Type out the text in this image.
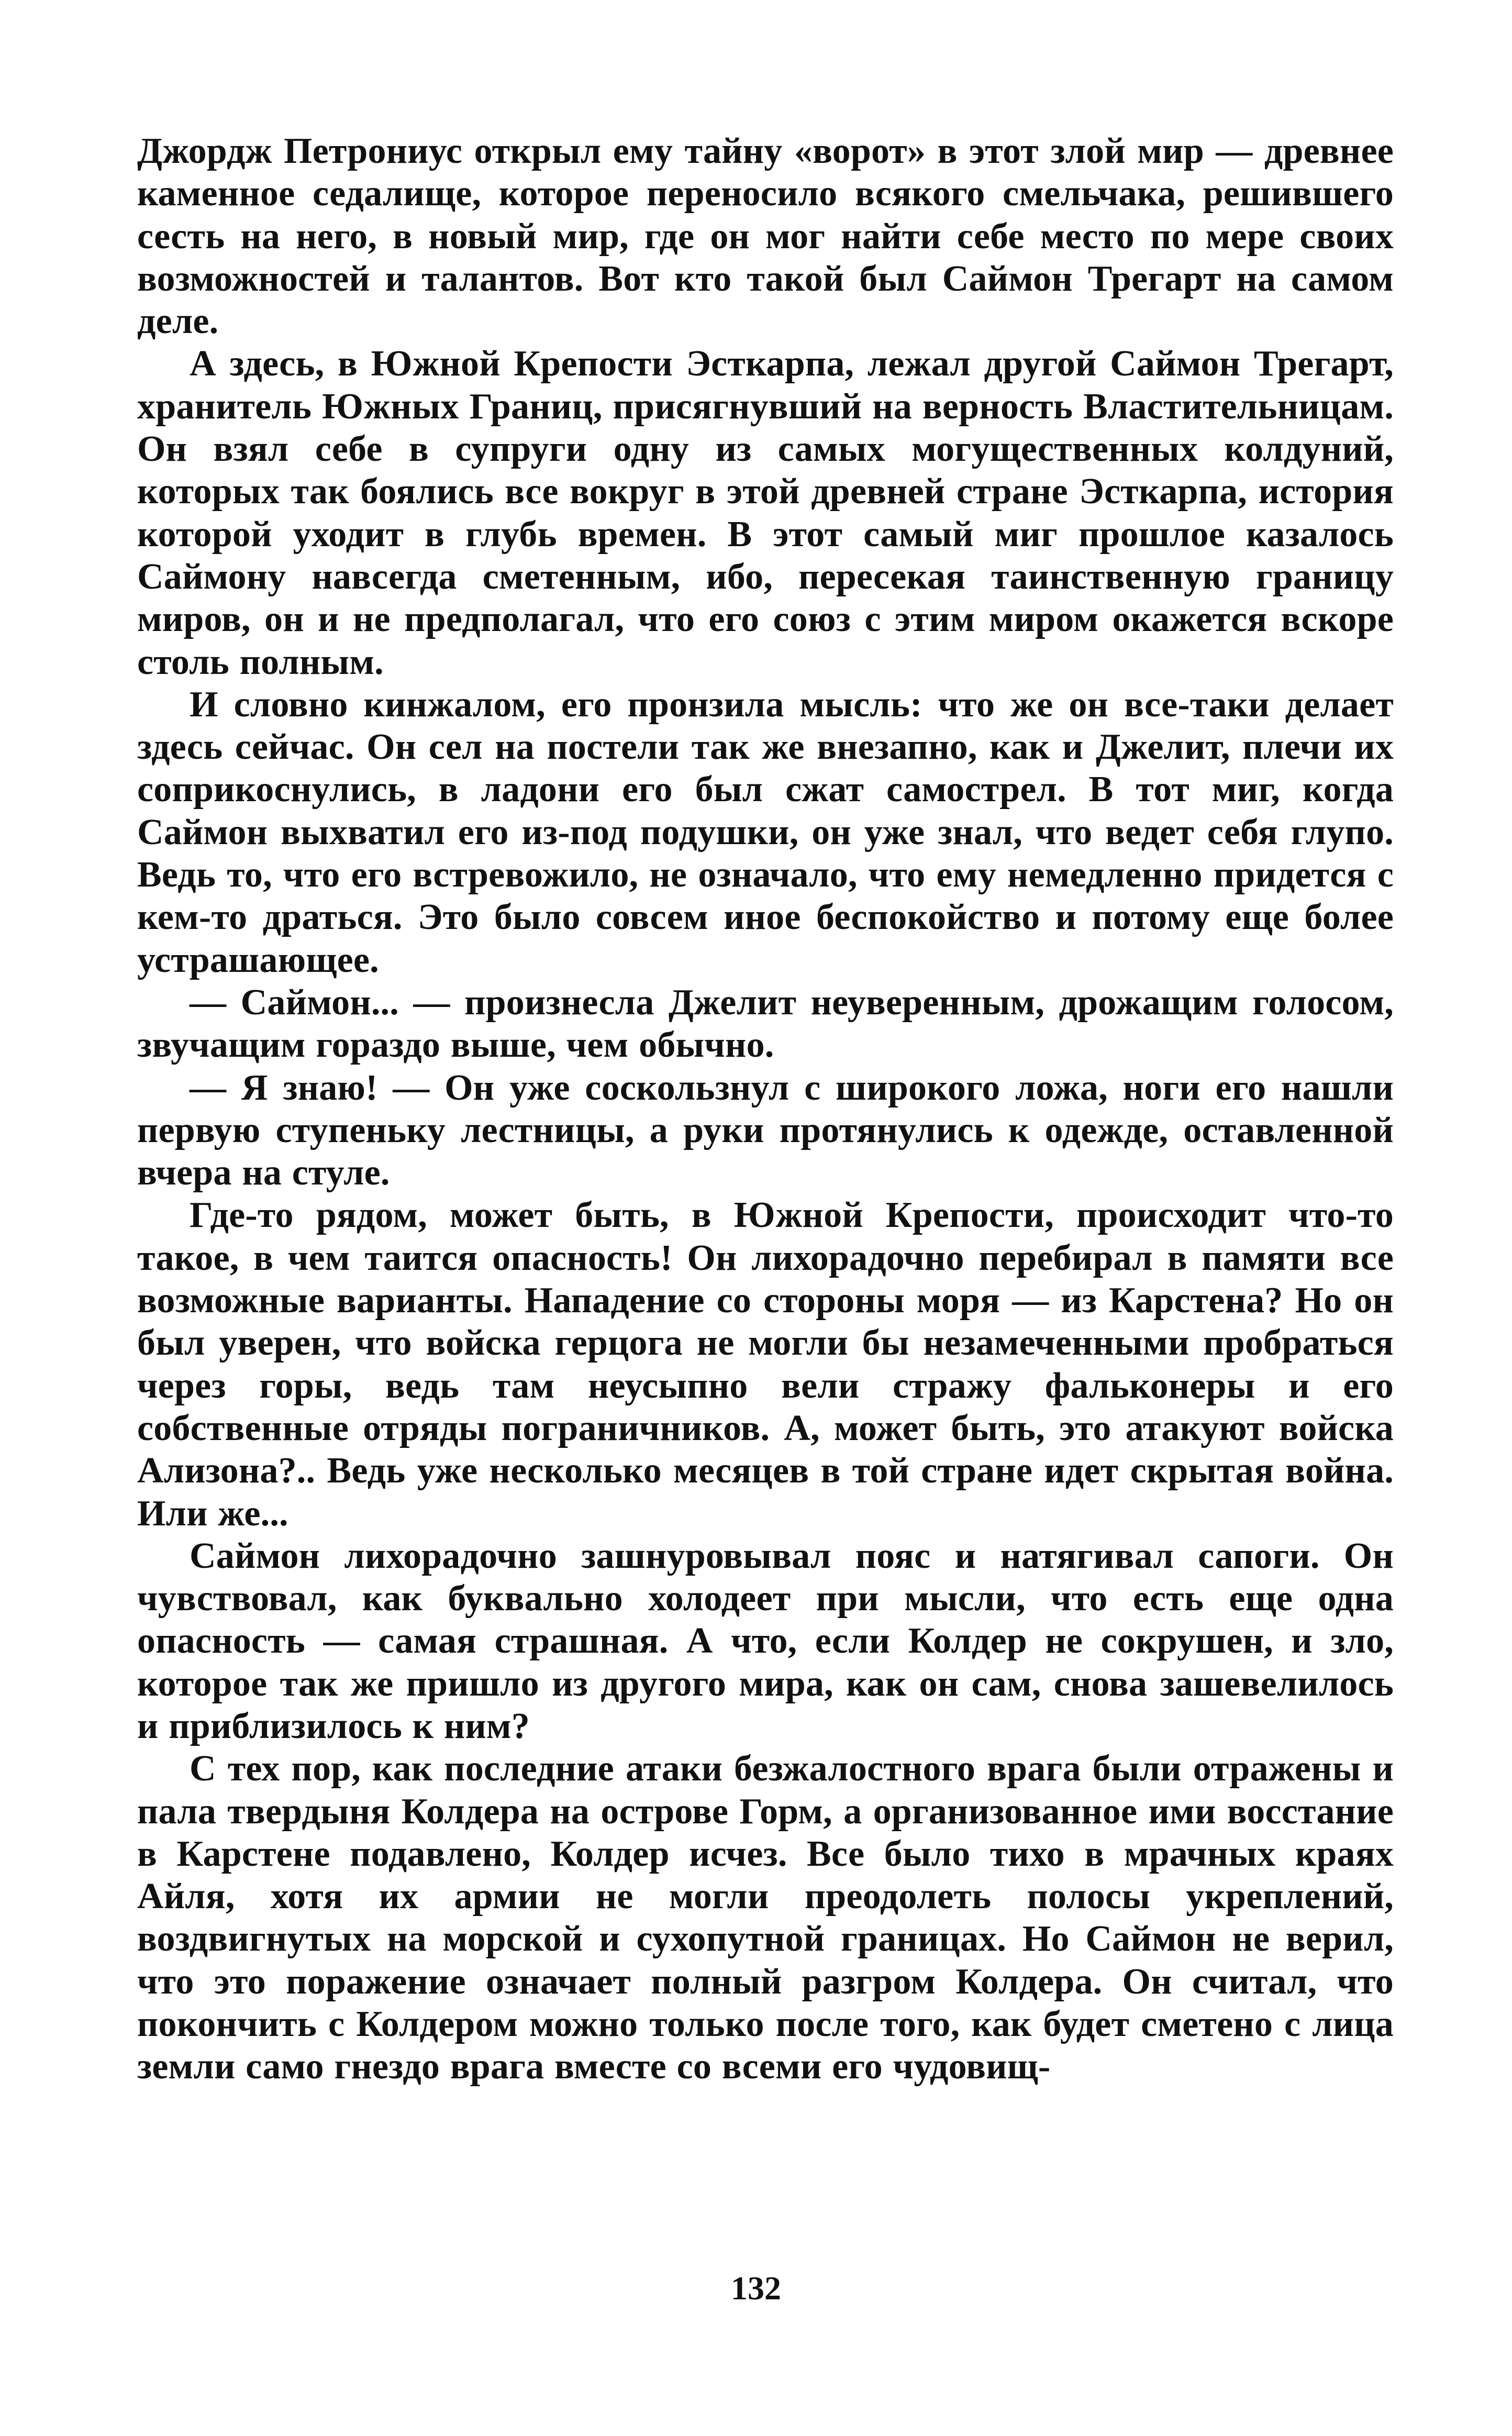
Джордж Петрониус открыл ему тайну «ворот» в этот злой мир — древнее каменное седалище, которое переносило всякого смельчака, решившего сесть на него, в новый мир, где он мог найти себе место по мере своих возможностей и талантов. Вот кто такой был Саймон Трегарт на самом деле.

А здесь, в Южной Крепости Эсткарпа, лежал другой Саймон Трегарт, хранитель Южных Границ, присягнувший на верность Властительницам. Он взял себе в супруги одну из самых могущественных колдуний, которых так боялись все вокруг в этой древней стране Эсткарпа, история которой уходит в глубь времен. В этот самый миг прошлое казалось Саймону навсегда сметенным, ибо, пересекая таинственную границу миров, он и не предполагал, что его союз с этим миром окажется вскоре столь полным.

И словно кинжалом, его пронзила мысль: что же он все-таки делает здесь сейчас. Он сел на постели так же внезапно, как и Джелит, плечи их соприкоснулись, в ладони его был сжат самострел. В тот миг, когда Саймон выхватил его из-под подушки, он уже знал, что ведет себя глупо. Ведь то, что его встревожило, не означало, что ему немедленно придется с кем-то драться. Это было совсем иное беспокойство и потому еще более устрашающее.

— Саймон... — произнесла Джелит неуверенным, дрожащим голосом, звучащим гораздо выше, чем обычно.

— Я знаю! — Он уже соскользнул с широкого ложа, ноги его нашли первую ступеньку лестницы, а руки протянулись к одежде, оставленной вчера на стуле.

Где-то рядом, может быть, в Южной Крепости, происходит что-то такое, в чем таится опасность! Он лихорадочно перебирал в памяти все возможные варианты. Нападение со стороны моря — из Карстена? Но он был уверен, что войска герцога не могли бы незамеченными пробраться через горы, ведь там неусыпно вели стражу фальконеры и его собственные отряды пограничников. А, может быть, это атакуют войска Ализона?.. Ведь уже несколько месяцев в той стране идет скрытая война. Или же...

Саймон лихорадочно зашнуровывал пояс и натягивал сапоги. Он чувствовал, как буквально холодеет при мысли, что есть еще одна опасность — самая страшная. А что, если Колдер не сокрушен, и зло, которое так же пришло из другого мира, как он сам, снова зашевелилось и приблизилось к ним?

С тех пор, как последние атаки безжалостного врага были отражены и пала твердыня Колдера на острове Горм, а организованное ими восстание в Карстене подавлено, Колдер исчез. Все было тихо в мрачных краях Айля, хотя их армии не могли преодолеть полосы укреплений, воздвигнутых на морской и сухопутной границах. Но Саймон не верил, что это поражение означает полный разгром Колдера. Он считал, что покончить с Колдером можно только после того, как будет сметено с лица земли само гнездо врага вместе со всеми его чудовищ-

132
